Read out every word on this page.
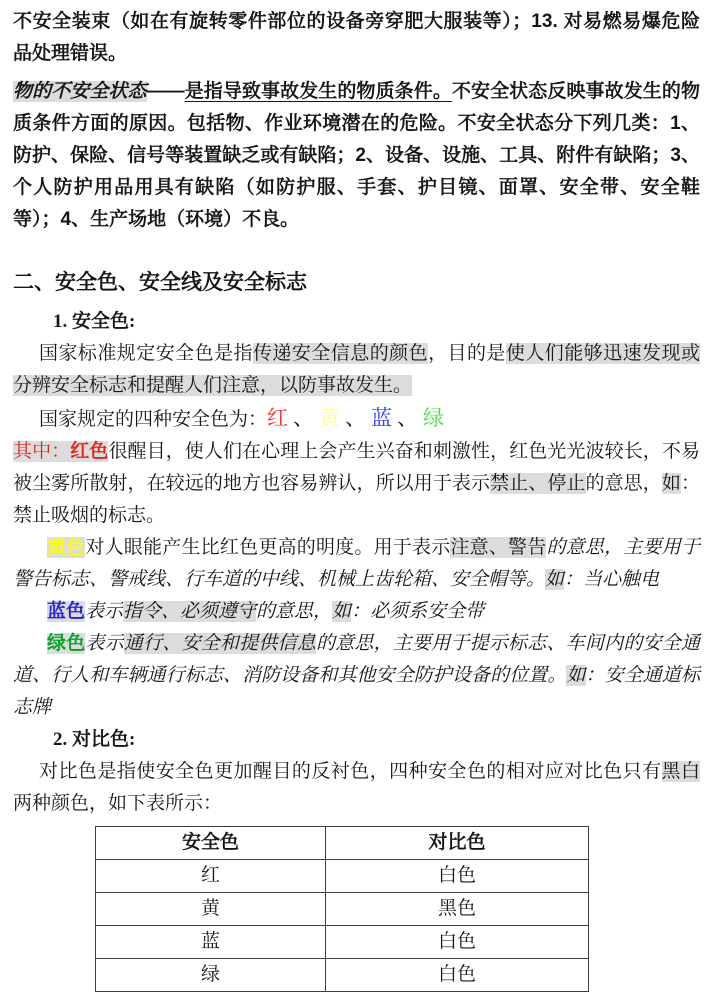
不安全装束（如在有旋转零件部位的设备旁穿肥大服装等）；13. 对易燃易爆危险品处理错误。

物的不安全状态——是指导致事故发生的物质条件。不安全状态反映事故发生的物质条件方面的原因。包括物、作业环境潜在的危险。不安全状态分下列几类：1、防护、保险、信号等装置缺乏或有缺陷；2、设备、设施、工具、附件有缺陷；3、个人防护用品用具有缺陷（如防护服、手套、护目镜、面罩、安全带、安全鞋等）；4、生产场地（环境）不良。

二、安全色、安全线及安全标志

1. 安全色:

国家标准规定安全色是指传递安全信息的颜色，目的是使人们能够迅速发现或分辨安全标志和提醒人们注意，以防事故发生。

国家规定的四种安全色为：红、黄、蓝、绿

其中：红色很醒目，使人们在心理上会产生兴奋和刺激性，红色光光波较长，不易被尘雾所散射，在较远的地方也容易辨认，所以用于表示禁止、停止的意思，如：禁止吸烟的标志。

黄色对人眼能产生比红色更高的明度。用于表示注意、警告的意思，主要用于警告标志、警戒线、行车道的中线、机械上齿轮箱、安全帽等。如：当心触电

蓝色表示指令、必须遵守的意思，如：必须系安全带

绿色表示通行、安全和提供信息的意思，主要用于提示标志、车间内的安全通道、行人和车辆通行标志、消防设备和其他安全防护设备的位置。如：安全通道标志牌

2. 对比色:

对比色是指使安全色更加醒目的反衬色，四种安全色的相对应对比色只有黑白两种颜色，如下表所示：

安全色	对比色
红	白色
黄	黑色
蓝	白色
绿	白色
